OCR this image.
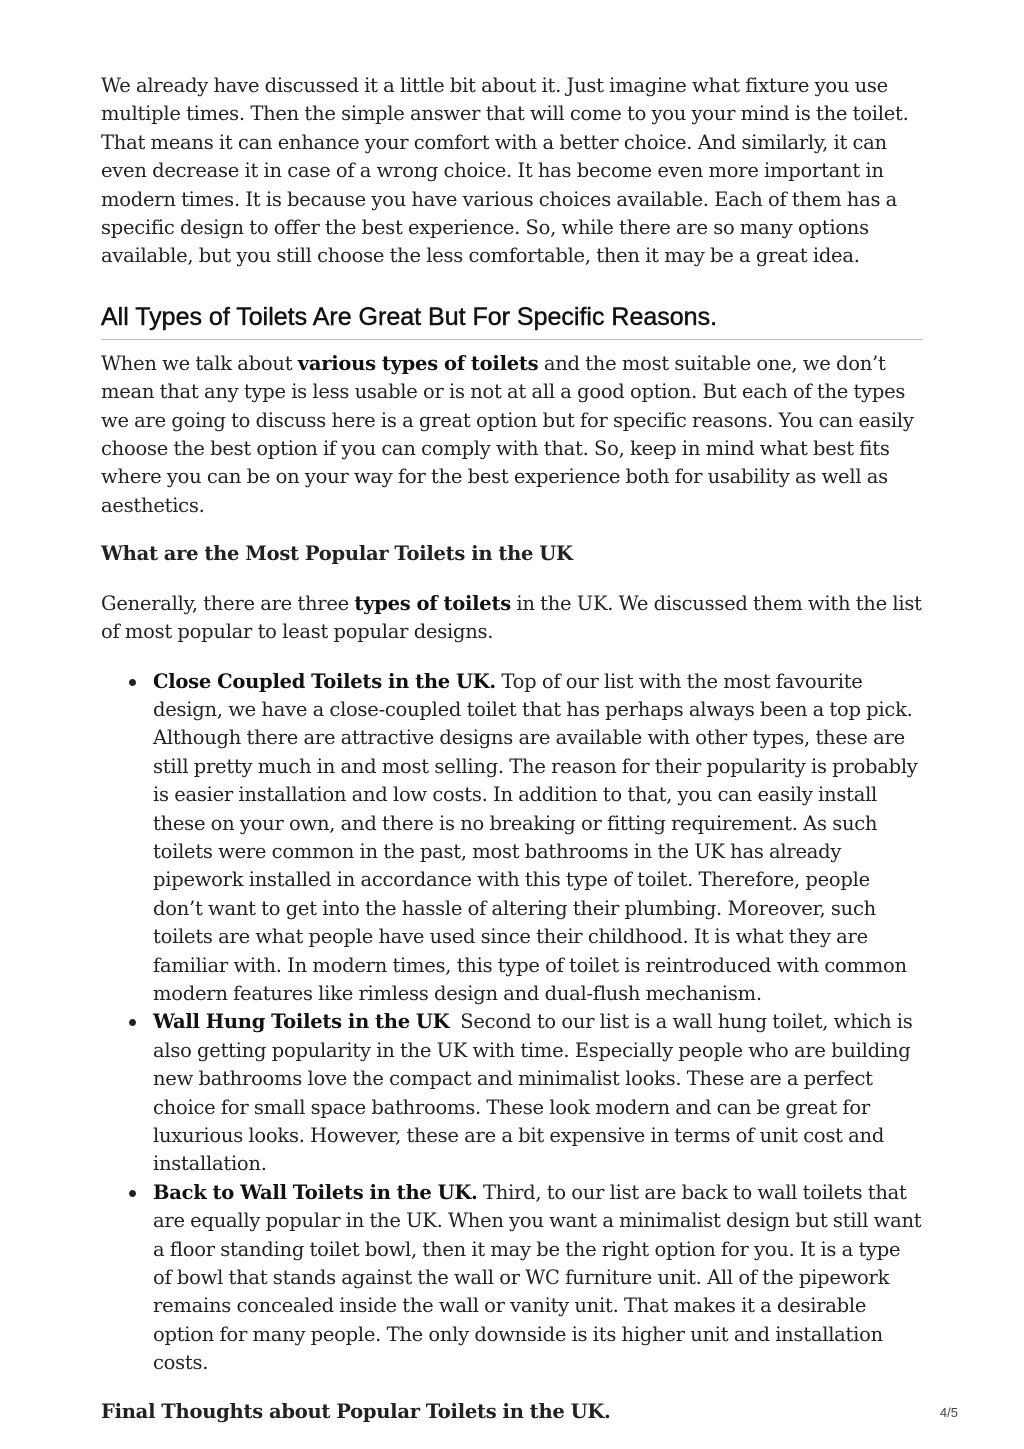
We already have discussed it a little bit about it. Just imagine what fixture you use multiple times. Then the simple answer that will come to you your mind is the toilet. That means it can enhance your comfort with a better choice. And similarly, it can even decrease it in case of a wrong choice. It has become even more important in modern times. It is because you have various choices available. Each of them has a specific design to offer the best experience. So, while there are so many options available, but you still choose the less comfortable, then it may be a great idea.

All Types of Toilets Are Great But For Specific Reasons.

When we talk about various types of toilets and the most suitable one, we don’t mean that any type is less usable or is not at all a good option. But each of the types we are going to discuss here is a great option but for specific reasons. You can easily choose the best option if you can comply with that. So, keep in mind what best fits where you can be on your way for the best experience both for usability as well as aesthetics.

What are the Most Popular Toilets in the UK

Generally, there are three types of toilets in the UK. We discussed them with the list of most popular to least popular designs.

Close Coupled Toilets in the UK. Top of our list with the most favourite design, we have a close-coupled toilet that has perhaps always been a top pick. Although there are attractive designs are available with other types, these are still pretty much in and most selling. The reason for their popularity is probably is easier installation and low costs. In addition to that, you can easily install these on your own, and there is no breaking or fitting requirement. As such toilets were common in the past, most bathrooms in the UK has already pipework installed in accordance with this type of toilet. Therefore, people don’t want to get into the hassle of altering their plumbing. Moreover, such toilets are what people have used since their childhood. It is what they are familiar with. In modern times, this type of toilet is reintroduced with common modern features like rimless design and dual-flush mechanism.
Wall Hung Toilets in the UK  Second to our list is a wall hung toilet, which is also getting popularity in the UK with time. Especially people who are building new bathrooms love the compact and minimalist looks. These are a perfect choice for small space bathrooms. These look modern and can be great for luxurious looks. However, these are a bit expensive in terms of unit cost and installation.
Back to Wall Toilets in the UK. Third, to our list are back to wall toilets that are equally popular in the UK. When you want a minimalist design but still want a floor standing toilet bowl, then it may be the right option for you. It is a type of bowl that stands against the wall or WC furniture unit. All of the pipework remains concealed inside the wall or vanity unit. That makes it a desirable option for many people. The only downside is its higher unit and installation costs.

Final Thoughts about Popular Toilets in the UK.	4/5
